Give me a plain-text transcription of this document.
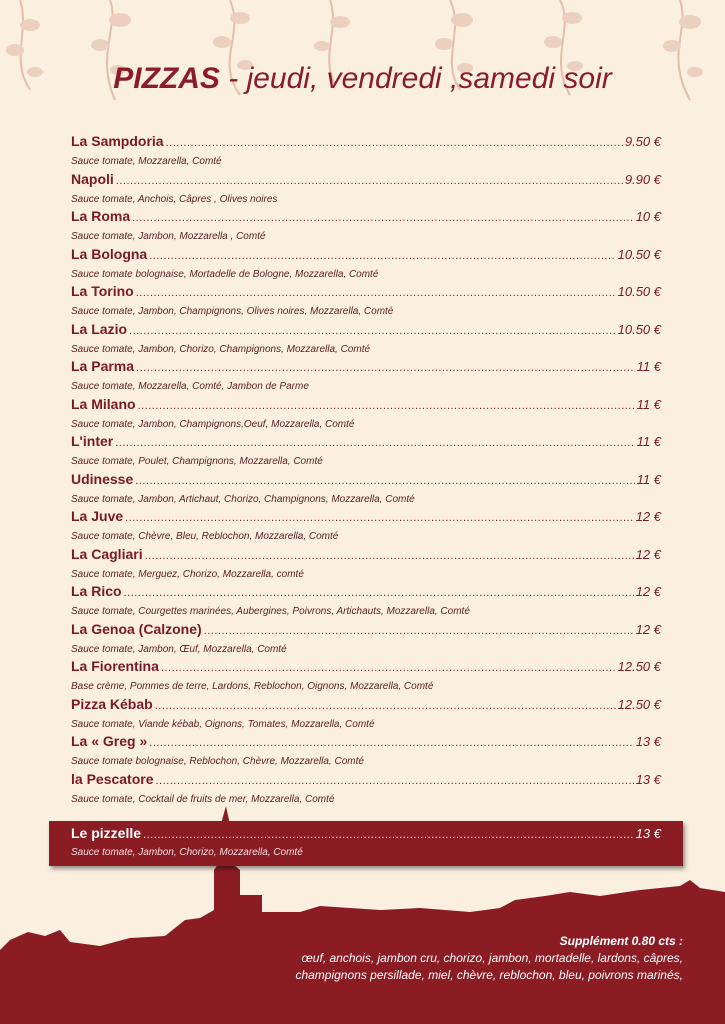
PIZZAS - jeudi, vendredi ,samedi soir
La Sampdoria .....	9.50 €
Sauce tomate, Mozzarella, Comté
Napoli .....	9.90 €
Sauce tomate, Anchois, Câpres , Olives noires
La Roma .....	10 €
Sauce tomate, Jambon, Mozzarella , Comté
La Bologna .....	10.50 €
Sauce tomate bolognaise, Mortadelle de Bologne, Mozzarella, Comté
La Torino .....	10.50 €
Sauce tomate, Jambon, Champignons, Olives noires, Mozzarella, Comté
La Lazio .....	10.50 €
Sauce tomate, Jambon, Chorizo, Champignons, Mozzarella, Comté
La Parma .....	11 €
Sauce tomate, Mozzarella, Comté, Jambon de Parme
La Milano .....	11 €
Sauce tomate, Jambon, Champignons,Oeuf, Mozzarella, Comté
L'inter .....	11 €
Sauce tomate, Poulet, Champignons, Mozzarella, Comté
Udinesse .....	11 €
Sauce tomate, Jambon, Artichaut, Chorizo, Champignons, Mozzarella, Comté
La Juve .....	12 €
Sauce tomate, Chèvre, Bleu, Reblochon, Mozzarella, Comté
La Cagliari .....	12 €
Sauce tomate, Merguez, Chorizo, Mozzarella, comté
La Rico .....	12 €
Sauce tomate, Courgettes marinées, Aubergines, Poivrons, Artichauts, Mozzarella, Comté
La Genoa (Calzone) .....	12 €
Sauce tomate, Jambon, Œuf, Mozzarella, Comté
La Fiorentina .....	12.50 €
Base crème, Pommes de terre, Lardons, Reblochon, Oignons, Mozzarella, Comté
Pizza Kébab .....	12.50 €
Sauce tomate, Viande kébab, Oignons, Tomates, Mozzarella, Comté
La « Greg » .....	13 €
Sauce tomate bolognaise, Reblochon, Chèvre, Mozzarella, Comté
la Pescatore .....	13 €
Sauce tomate, Cocktail de fruits de mer, Mozzarella, Comté
Le pizzelle .....	13 €
Sauce tomate, Jambon, Chorizo, Mozzarella, Comté
Supplément 0.80 cts :
œuf, anchois, jambon cru, chorizo, jambon, mortadelle, lardons, câpres,
champignons persillade, miel, chèvre, reblochon, bleu, poivrons marinés,
